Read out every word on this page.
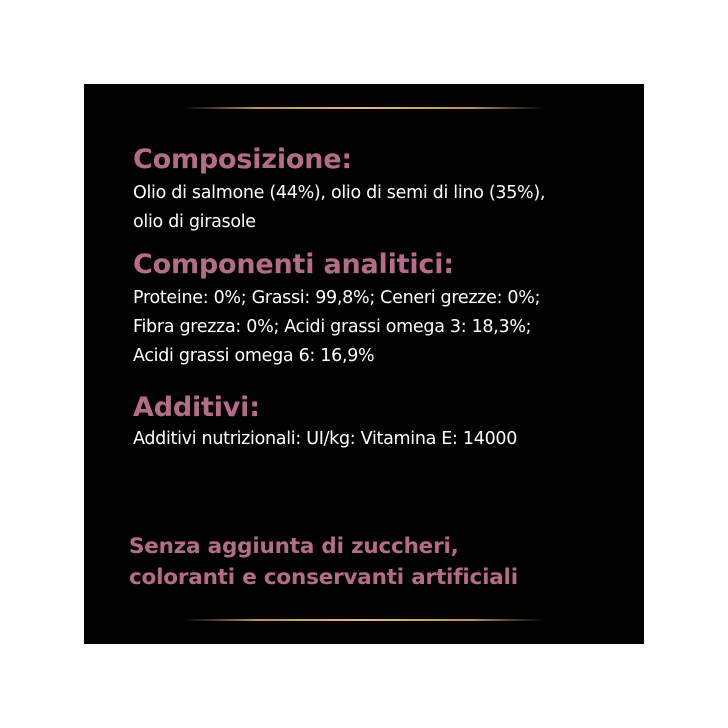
Composizione:

Olio di salmone (44%), olio di semi di lino (35%),

olio di girasole

Componenti analitici:

Proteine: 0%; Grassi: 99,8%; Ceneri grezze: 0%;

Fibra grezza: 0%; Acidi grassi omega 3: 18,3%;

Acidi grassi omega 6: 16,9%

Additivi:

Additivi nutrizionali: UI/kg: Vitamina E: 14000

Senza aggiunta di zuccheri,

coloranti e conservanti artificiali
